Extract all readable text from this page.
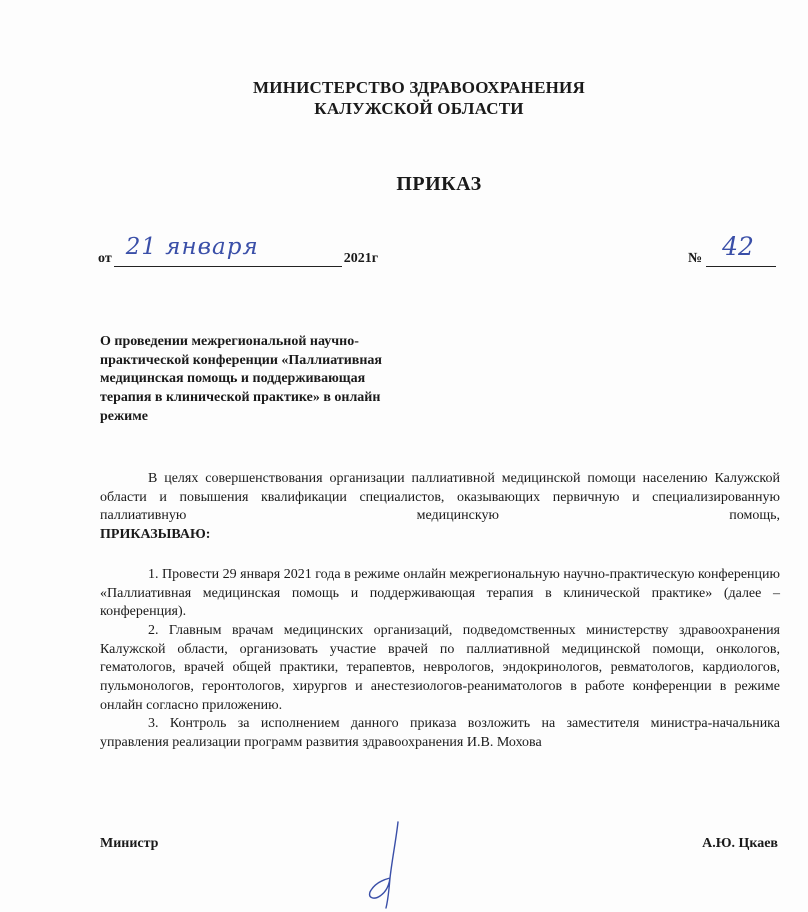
МИНИСТЕРСТВО ЗДРАВООХРАНЕНИЯ
КАЛУЖСКОЙ ОБЛАСТИ
ПРИКАЗ
от 21 января	2021г	№ 42
О проведении межрегиональной научно-практической конференции «Паллиативная медицинская помощь и поддерживающая терапия в клинической практике» в онлайн режиме

В целях совершенствования организации паллиативной медицинской помощи населению Калужской области и повышения квалификации специалистов, оказывающих первичную и специализированную паллиативную медицинскую помощь,

ПРИКАЗЫВАЮ:

1. Провести 29 января 2021 года в режиме онлайн межрегиональную научно-практическую конференцию «Паллиативная медицинская помощь и поддерживающая терапия в клинической практике» (далее – конференция).

2. Главным врачам медицинских организаций, подведомственных министерству здравоохранения Калужской области, организовать участие врачей по паллиативной медицинской помощи, онкологов, гематологов, врачей общей практики, терапевтов, неврологов, эндокринологов, ревматологов, кардиологов, пульмонологов, геронтологов, хирургов и анестезиологов-реаниматологов в работе конференции в режиме онлайн согласно приложению.

3. Контроль за исполнением данного приказа возложить на заместителя министра-начальника управления реализации программ развития здравоохранения И.В. Мохова

Министр	А.Ю. Цкаев
